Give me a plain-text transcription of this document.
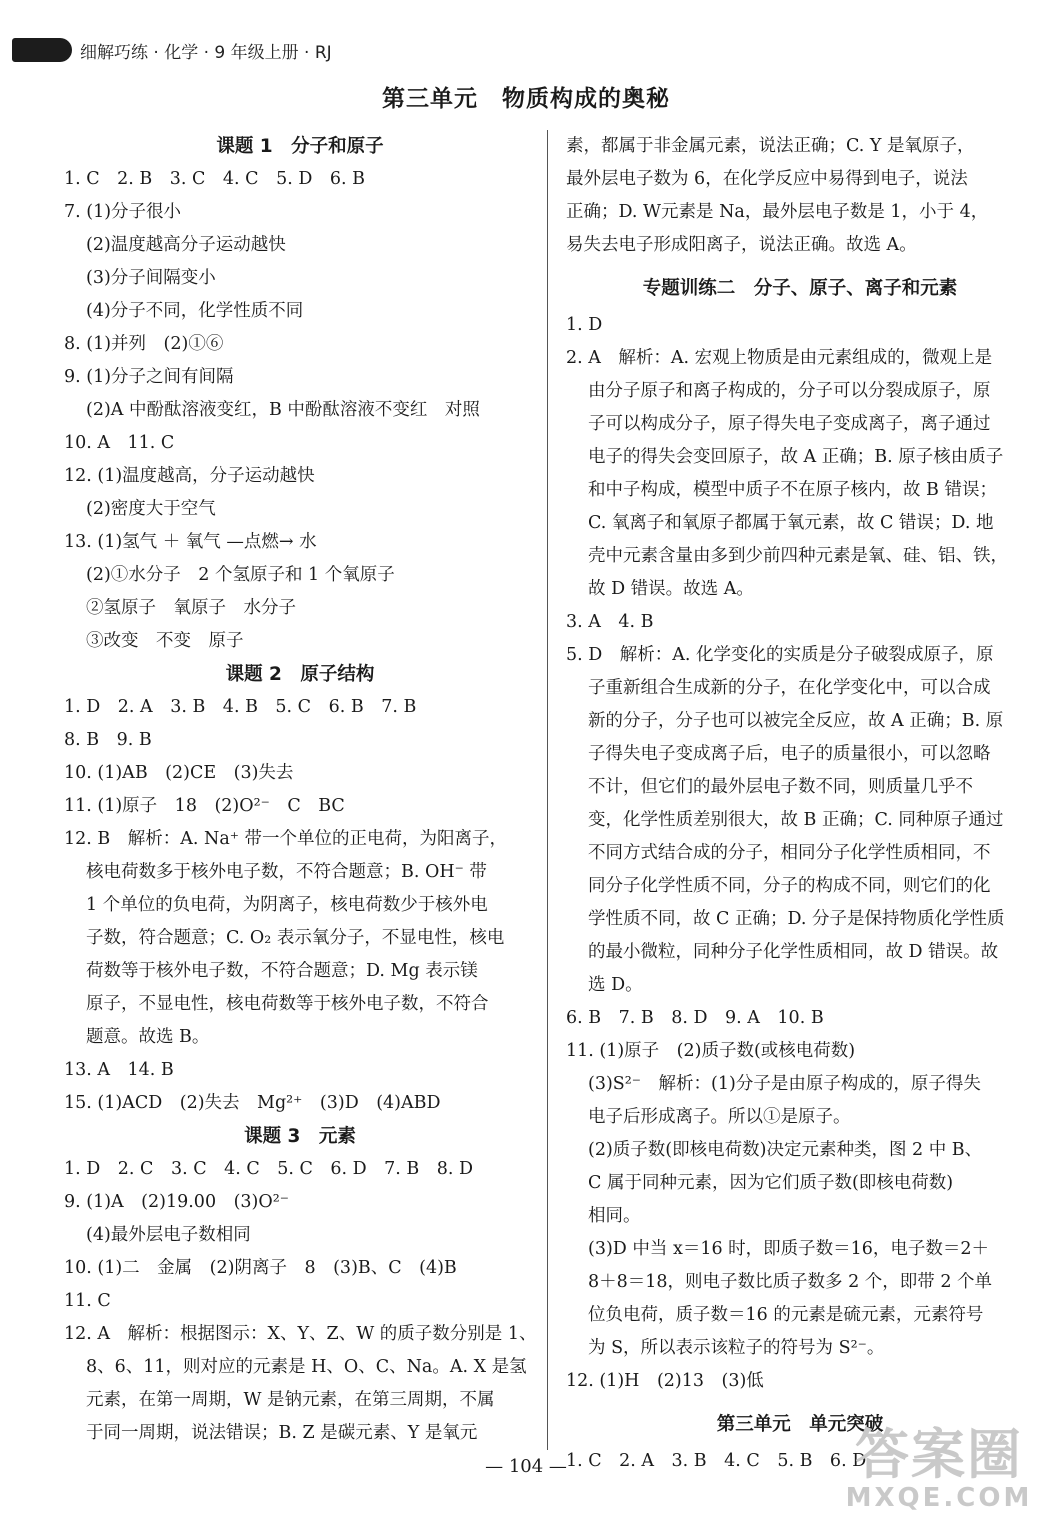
细解巧练 · 化学 · 9 年级上册 · RJ
第三单元　物质构成的奥秘
课题 1　分子和原子
1. C　2. B　3. C　4. C　5. D　6. B
7. (1)分子很小
(2)温度越高分子运动越快
(3)分子间隔变小
(4)分子不同，化学性质不同
8. (1)并列　(2)①⑥
9. (1)分子之间有间隔
(2)A 中酚酞溶液变红，B 中酚酞溶液不变红　对照
10. A　11. C
12. (1)温度越高，分子运动越快
(2)密度大于空气
13. (1)氢气 ＋ 氧气 —点燃→ 水
(2)①水分子　2 个氢原子和 1 个氧原子
②氢原子　氧原子　水分子
③改变　不变　原子
课题 2　原子结构
1. D　2. A　3. B　4. B　5. C　6. B　7. B
8. B　9. B
10. (1)AB　(2)CE　(3)失去
11. (1)原子　18　(2)O²⁻　C　BC
12. B　解析：A. Na⁺ 带一个单位的正电荷，为阳离子，
核电荷数多于核外电子数，不符合题意；B. OH⁻ 带
1 个单位的负电荷，为阴离子，核电荷数少于核外电
子数，符合题意；C. O₂ 表示氧分子，不显电性，核电
荷数等于核外电子数，不符合题意；D. Mg 表示镁
原子，不显电性，核电荷数等于核外电子数，不符合
题意。故选 B。
13. A　14. B
15. (1)ACD　(2)失去　Mg²⁺　(3)D　(4)ABD
课题 3　元素
1. D　2. C　3. C　4. C　5. C　6. D　7. B　8. D
9. (1)A　(2)19.00　(3)O²⁻
(4)最外层电子数相同
10. (1)二　金属　(2)阴离子　8　(3)B、C　(4)B
11. C
12. A　解析：根据图示：X、Y、Z、W 的质子数分别是 1、
8、6、11，则对应的元素是 H、O、C、Na。A. X 是氢
元素，在第一周期，W 是钠元素，在第三周期，不属
于同一周期，说法错误；B. Z 是碳元素、Y 是氧元
素，都属于非金属元素，说法正确；C. Y 是氧原子，
最外层电子数为 6，在化学反应中易得到电子，说法
正确；D. W元素是 Na，最外层电子数是 1，小于 4，
易失去电子形成阳离子，说法正确。故选 A。
专题训练二　分子、原子、离子和元素
1. D
2. A　解析：A. 宏观上物质是由元素组成的，微观上是
由分子原子和离子构成的，分子可以分裂成原子，原
子可以构成分子，原子得失电子变成离子，离子通过
电子的得失会变回原子，故 A 正确；B. 原子核由质子
和中子构成，模型中质子不在原子核内，故 B 错误；
C. 氧离子和氧原子都属于氧元素，故 C 错误；D. 地
壳中元素含量由多到少前四种元素是氧、硅、铝、铁，
故 D 错误。故选 A。
3. A　4. B
5. D　解析：A. 化学变化的实质是分子破裂成原子，原
子重新组合生成新的分子，在化学变化中，可以合成
新的分子，分子也可以被完全反应，故 A 正确；B. 原
子得失电子变成离子后，电子的质量很小，可以忽略
不计，但它们的最外层电子数不同，则质量几乎不
变，化学性质差别很大，故 B 正确；C. 同种原子通过
不同方式结合成的分子，相同分子化学性质相同，不
同分子化学性质不同，分子的构成不同，则它们的化
学性质不同，故 C 正确；D. 分子是保持物质化学性质
的最小微粒，同种分子化学性质相同，故 D 错误。故
选 D。
6. B　7. B　8. D　9. A　10. B
11. (1)原子　(2)质子数(或核电荷数)
(3)S²⁻　解析：(1)分子是由原子构成的，原子得失
电子后形成离子。所以①是原子。
(2)质子数(即核电荷数)决定元素种类，图 2 中 B、
C 属于同种元素，因为它们质子数(即核电荷数)
相同。
(3)D 中当 x＝16 时，即质子数＝16，电子数＝2＋
8＋8＝18，则电子数比质子数多 2 个，即带 2 个单
位负电荷，质子数＝16 的元素是硫元素，元素符号
为 S，所以表示该粒子的符号为 S²⁻。
12. (1)H　(2)13　(3)低
第三单元　单元突破
1. C　2. A　3. B　4. C　5. B　6. D
— 104 —	答案圈
MXQE.COM
